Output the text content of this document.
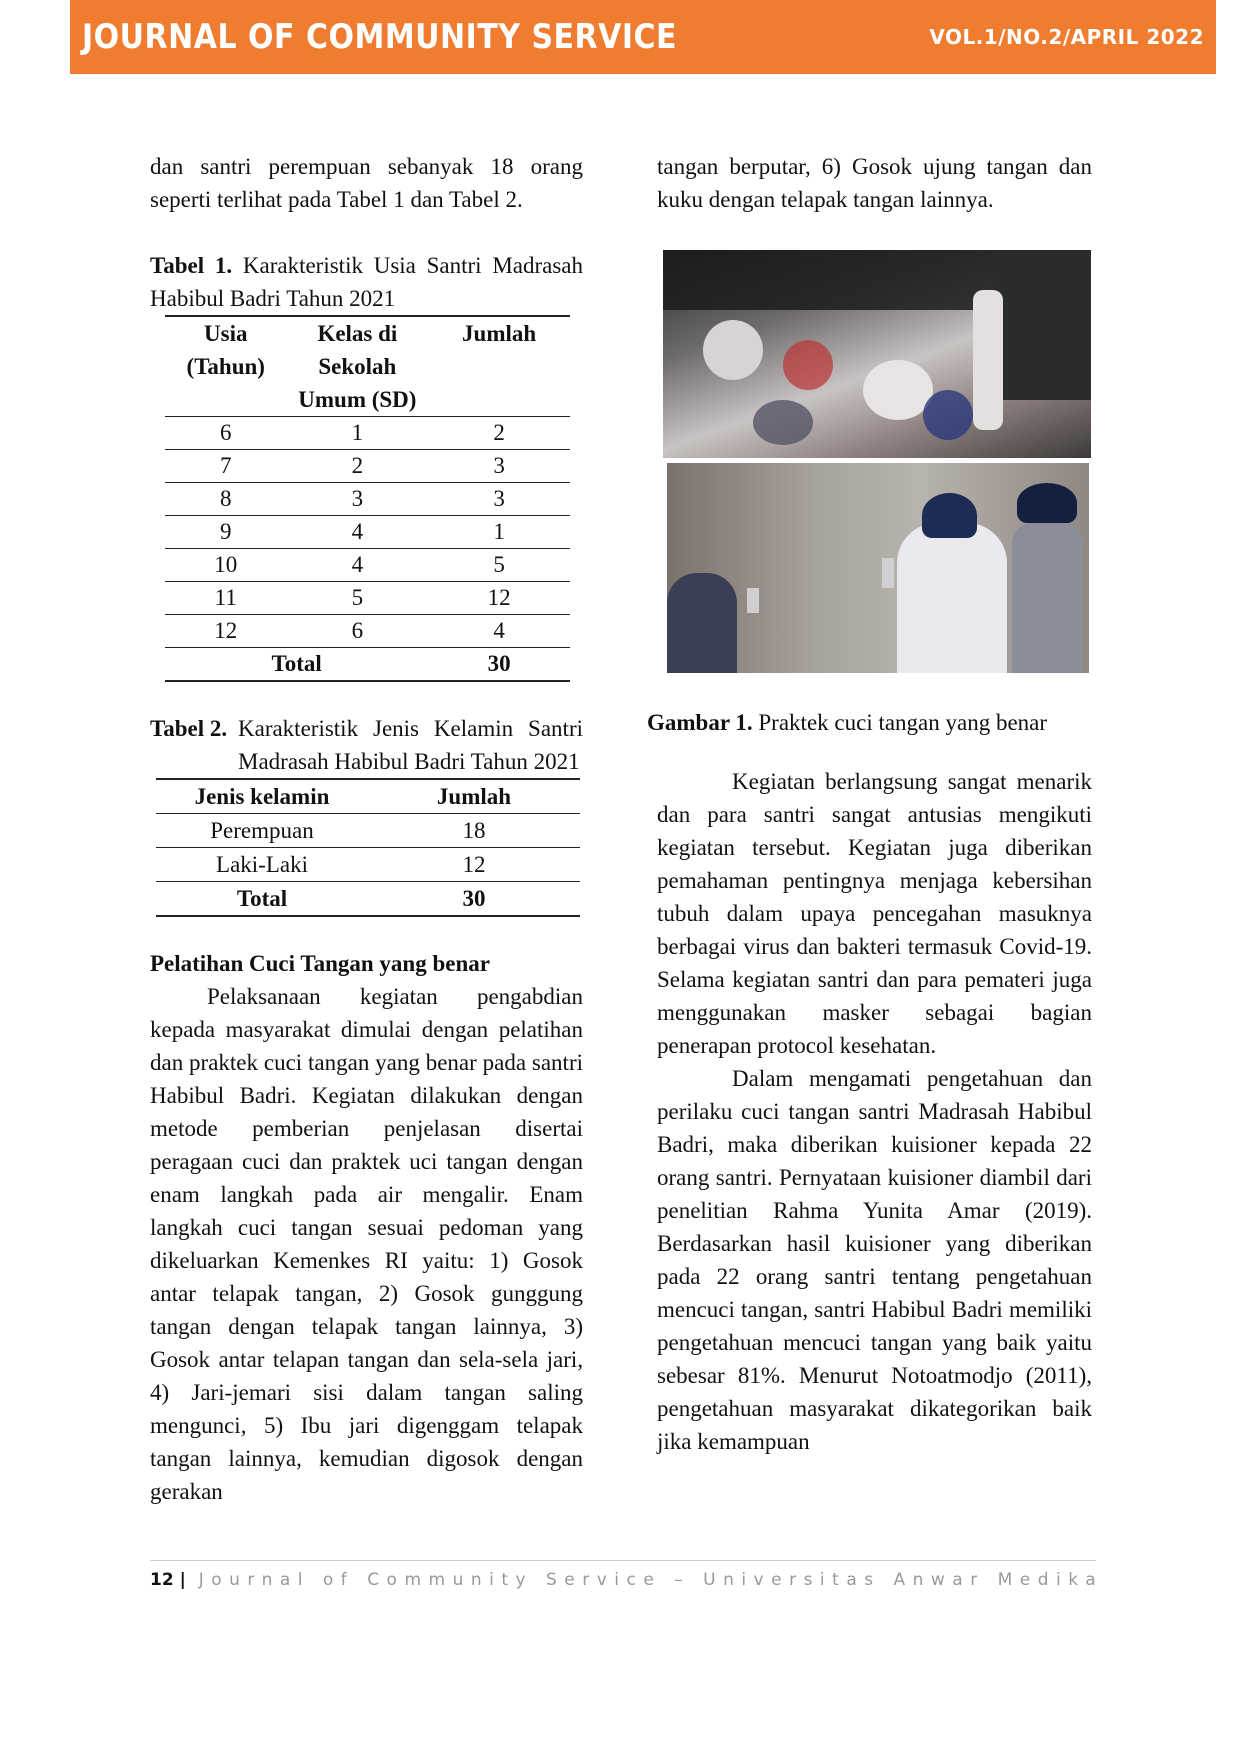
JOURNAL OF COMMUNITY SERVICE	VOL.1/NO.2/APRIL 2022

dan santri perempuan sebanyak 18 orang seperti terlihat pada Tabel 1 dan Tabel 2.

Tabel 1. Karakteristik Usia Santri Madrasah Habibul Badri Tahun 2021

Usia (Tahun)	Kelas di Sekolah Umum (SD)	Jumlah
6	1	2
7	2	3
8	3	3
9	4	1
10	4	5
11	5	12
12	6	4
Total		30
Tabel 2. Karakteristik Jenis Kelamin Santri Madrasah Habibul Badri Tahun 2021
Jenis kelamin	Jumlah
Perempuan	18
Laki-Laki	12
Total	30

Pelatihan Cuci Tangan yang benar

Pelaksanaan kegiatan pengabdian kepada masyarakat dimulai dengan pelatihan dan praktek cuci tangan yang benar pada santri Habibul Badri. Kegiatan dilakukan dengan metode pemberian penjelasan disertai peragaan cuci dan praktek uci tangan dengan enam langkah pada air mengalir. Enam langkah cuci tangan sesuai pedoman yang dikeluarkan Kemenkes RI yaitu: 1) Gosok antar telapak tangan, 2) Gosok gunggung tangan dengan telapak tangan lainnya, 3) Gosok antar telapan tangan dan sela-sela jari, 4) Jari-jemari sisi dalam tangan saling mengunci, 5) Ibu jari digenggam telapak tangan lainnya, kemudian digosok dengan gerakan

tangan berputar, 6) Gosok ujung tangan dan kuku dengan telapak tangan lainnya.

Gambar 1. Praktek cuci tangan yang benar

Kegiatan berlangsung sangat menarik dan para santri sangat antusias mengikuti kegiatan tersebut. Kegiatan juga diberikan pemahaman pentingnya menjaga kebersihan tubuh dalam upaya pencegahan masuknya berbagai virus dan bakteri termasuk Covid-19. Selama kegiatan santri dan para pemateri juga menggunakan masker sebagai bagian penerapan protocol kesehatan.

Dalam mengamati pengetahuan dan perilaku cuci tangan santri Madrasah Habibul Badri, maka diberikan kuisioner kepada 22 orang santri. Pernyataan kuisioner diambil dari penelitian Rahma Yunita Amar (2019). Berdasarkan hasil kuisioner yang diberikan pada 22 orang santri tentang pengetahuan mencuci tangan, santri Habibul Badri memiliki pengetahuan mencuci tangan yang baik yaitu sebesar 81%. Menurut Notoatmodjo (2011), pengetahuan masyarakat dikategorikan baik jika kemampuan

12 | Journal of Community Service – Universitas Anwar Medika
